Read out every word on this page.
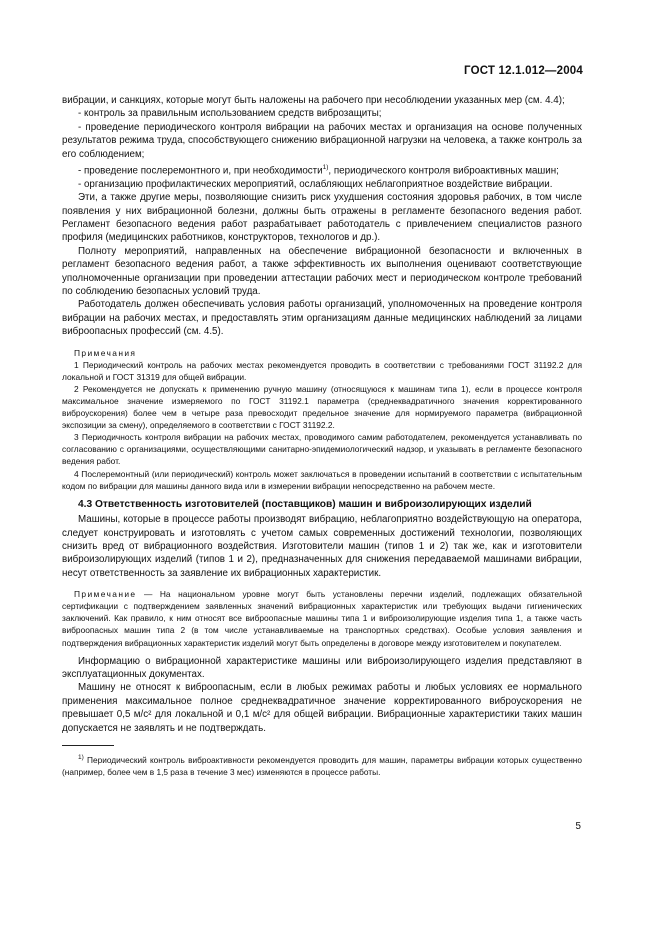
ГОСТ 12.1.012—2004

вибрации, и санкциях, которые могут быть наложены на рабочего при несоблюдении указанных мер (см. 4.4);

- контроль за правильным использованием средств виброзащиты;

- проведение периодического контроля вибрации на рабочих местах и организация на основе полученных результатов режима труда, способствующего снижению вибрационной нагрузки на человека, а также контроль за его соблюдением;

- проведение послеремонтного и, при необходимости$^{1)}$, периодического контроля виброактивных машин;

- организацию профилактических мероприятий, ослабляющих неблагоприятное воздействие вибрации.

Эти, а также другие меры, позволяющие снизить риск ухудшения состояния здоровья рабочих, в том числе появления у них вибрационной болезни, должны быть отражены в регламенте безопасного ведения работ. Регламент безопасного ведения работ разрабатывает работодатель с привлечением специалистов разного профиля (медицинских работников, конструкторов, технологов и др.).

Полноту мероприятий, направленных на обеспечение вибрационной безопасности и включенных в регламент безопасного ведения работ, а также эффективность их выполнения оценивают соответствующие уполномоченные организации при проведении аттестации рабочих мест и периодическом контроле требований по соблюдению безопасных условий труда.

Работодатель должен обеспечивать условия работы организаций, уполномоченных на проведение контроля вибрации на рабочих местах, и предоставлять этим организациям данные медицинских наблюдений за лицами виброопасных профессий (см. 4.5).

Примечания

1 Периодический контроль на рабочих местах рекомендуется проводить в соответствии с требованиями ГОСТ 31192.2 для локальной и ГОСТ 31319 для общей вибрации.

2 Рекомендуется не допускать к применению ручную машину (относящуюся к машинам типа 1), если в процессе контроля максимальное значение измеряемого по ГОСТ 31192.1 параметра (среднеквадратичного значения корректированного виброускорения) более чем в четыре раза превосходит предельное значение для нормируемого параметра (вибрационной экспозиции за смену), определяемого в соответствии с ГОСТ 31192.2.

3 Периодичность контроля вибрации на рабочих местах, проводимого самим работодателем, рекомендуется устанавливать по согласованию с организациями, осуществляющими санитарно-эпидемиологический надзор, и указывать в регламенте безопасного ведения работ.

4 Послеремонтный (или периодический) контроль может заключаться в проведении испытаний в соответствии с испытательным кодом по вибрации для машины данного вида или в измерении вибрации непосредственно на рабочем месте.

4.3 Ответственность изготовителей (поставщиков) машин и виброизолирующих изделий

Машины, которые в процессе работы производят вибрацию, неблагоприятно воздействующую на оператора, следует конструировать и изготовлять с учетом самых современных достижений технологии, позволяющих снизить вред от вибрационного воздействия. Изготовители машин (типов 1 и 2) так же, как и изготовители виброизолирующих изделий (типов 1 и 2), предназначенных для снижения передаваемой машинами вибрации, несут ответственность за заявление их вибрационных характеристик.

Примечание — На национальном уровне могут быть установлены перечни изделий, подлежащих обязательной сертификации с подтверждением заявленных значений вибрационных характеристик или требующих выдачи гигиенических заключений. Как правило, к ним относят все виброопасные машины типа 1 и виброизолирующие изделия типа 1, а также часть виброопасных машин типа 2 (в том числе устанавливаемые на транспортных средствах). Особые условия заявления и подтверждения вибрационных характеристик изделий могут быть определены в договоре между изготовителем и покупателем.

Информацию о вибрационной характеристике машины или виброизолирующего изделия представляют в эксплуатационных документах.

Машину не относят к виброопасным, если в любых режимах работы и любых условиях ее нормального применения максимальное полное среднеквадратичное значение корректированного виброускорения не превышает 0,5 м/с² для локальной и 0,1 м/с² для общей вибрации. Вибрационные характеристики таких машин допускается не заявлять и не подтверждать.

$^{1)}$ Периодический контроль виброактивности рекомендуется проводить для машин, параметры вибрации которых существенно (например, более чем в 1,5 раза в течение 3 мес) изменяются в процессе работы.

5
